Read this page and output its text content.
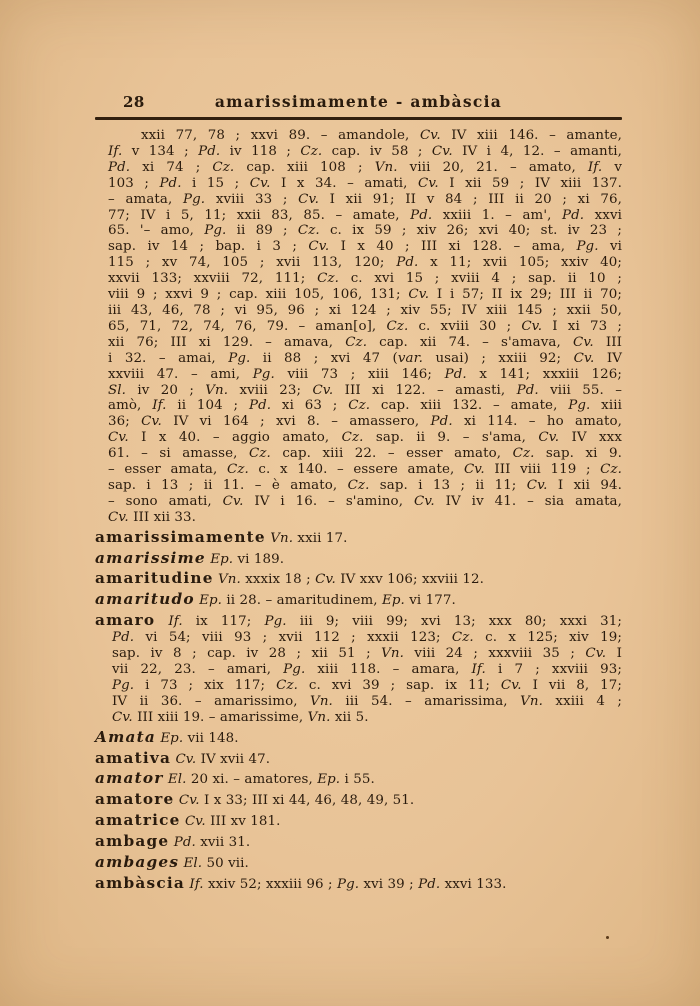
28	amarissimamente - ambàscia
xxii 77, 78 ; xxvi 89. – amandole, Cv. IV xiii 146. – amante,
If. v 134 ; Pd. iv 118 ; Cz. cap. iv 58 ; Cv. IV i 4, 12. – amanti,
Pd. xi 74 ; Cz. cap. xiii 108 ; Vn. viii 20, 21. – amato, If. v
103 ; Pd. i 15 ; Cv. I x 34. – amati, Cv. I xii 59 ; IV xiii 137.
– amata, Pg. xviii 33 ; Cv. I xii 91; II v 84 ; III ii 20 ; xi 76,
77; IV i 5, 11; xxii 83, 85. – amate, Pd. xxiii 1. – am', Pd. xxvi
65. '– amo, Pg. ii 89 ; Cz. c. ix 59 ; xiv 26; xvi 40; st. iv 23 ;
sap. iv 14 ; bap. i 3 ; Cv. I x 40 ; III xi 128. – ama, Pg. vi
115 ; xv 74, 105 ; xvii 113, 120; Pd. x 11; xvii 105; xxiv 40;
xxvii 133; xxviii 72, 111; Cz. c. xvi 15 ; xviii 4 ; sap. ii 10 ;
viii 9 ; xxvi 9 ; cap. xiii 105, 106, 131; Cv. I i 57; II ix 29; III ii 70;
iii 43, 46, 78 ; vi 95, 96 ; xi 124 ; xiv 55; IV xiii 145 ; xxii 50,
65, 71, 72, 74, 76, 79. – aman[o], Cz. c. xviii 30 ; Cv. I xi 73 ;
xii 76; III xi 129. – amava, Cz. cap. xii 74. – s'amava, Cv. III
i 32. – amai, Pg. ii 88 ; xvi 47 (var. usai) ; xxiii 92; Cv. IV
xxviii 47. – ami, Pg. viii 73 ; xiii 146; Pd. x 141; xxxiii 126;
Sl. iv 20 ; Vn. xviii 23; Cv. III xi 122. – amasti, Pd. viii 55. –
amò, If. ii 104 ; Pd. xi 63 ; Cz. cap. xiii 132. – amate, Pg. xiii
36; Cv. IV vi 164 ; xvi 8. – amassero, Pd. xi 114. – ho amato,
Cv. I x 40. – aggio amato, Cz. sap. ii 9. – s'ama, Cv. IV xxx
61. – si amasse, Cz. cap. xiii 22. – esser amato, Cz. sap. xi 9.
– esser amata, Cz. c. x 140. – essere amate, Cv. III viii 119 ; Cz.
sap. i 13 ; ii 11. – è amato, Cz. sap. i 13 ; ii 11; Cv. I xii 94.
– sono amati, Cv. IV i 16. – s'amino, Cv. IV iv 41. – sia amata,
Cv. III xii 33.
amarissimamente Vn. xxii 17.
amarissime Ep. vi 189.
amaritudine Vn. xxxix 18 ; Cv. IV xxv 106; xxviii 12.
amaritudo Ep. ii 28. – amaritudinem, Ep. vi 177.
amaro If. ix 117; Pg. iii 9; viii 99; xvi 13; xxx 80; xxxi 31;
Pd. vi 54; viii 93 ; xvii 112 ; xxxii 123; Cz. c. x 125; xiv 19;
sap. iv 8 ; cap. iv 28 ; xii 51 ; Vn. viii 24 ; xxxviii 35 ; Cv. I
vii 22, 23. – amari, Pg. xiii 118. – amara, If. i 7 ; xxviii 93;
Pg. i 73 ; xix 117; Cz. c. xvi 39 ; sap. ix 11; Cv. I vii 8, 17;
IV ii 36. – amarissimo, Vn. iii 54. – amarissima, Vn. xxiii 4 ;
Cv. III xiii 19. – amarissime, Vn. xii 5.
Amata Ep. vii 148.
amativa Cv. IV xvii 47.
amator El. 20 xi. – amatores, Ep. i 55.
amatore Cv. I x 33; III xi 44, 46, 48, 49, 51.
amatrice Cv. III xv 181.
ambage Pd. xvii 31.
ambages El. 50 vii.
ambàscia If. xxiv 52; xxxiii 96 ; Pg. xvi 39 ; Pd. xxvi 133.
